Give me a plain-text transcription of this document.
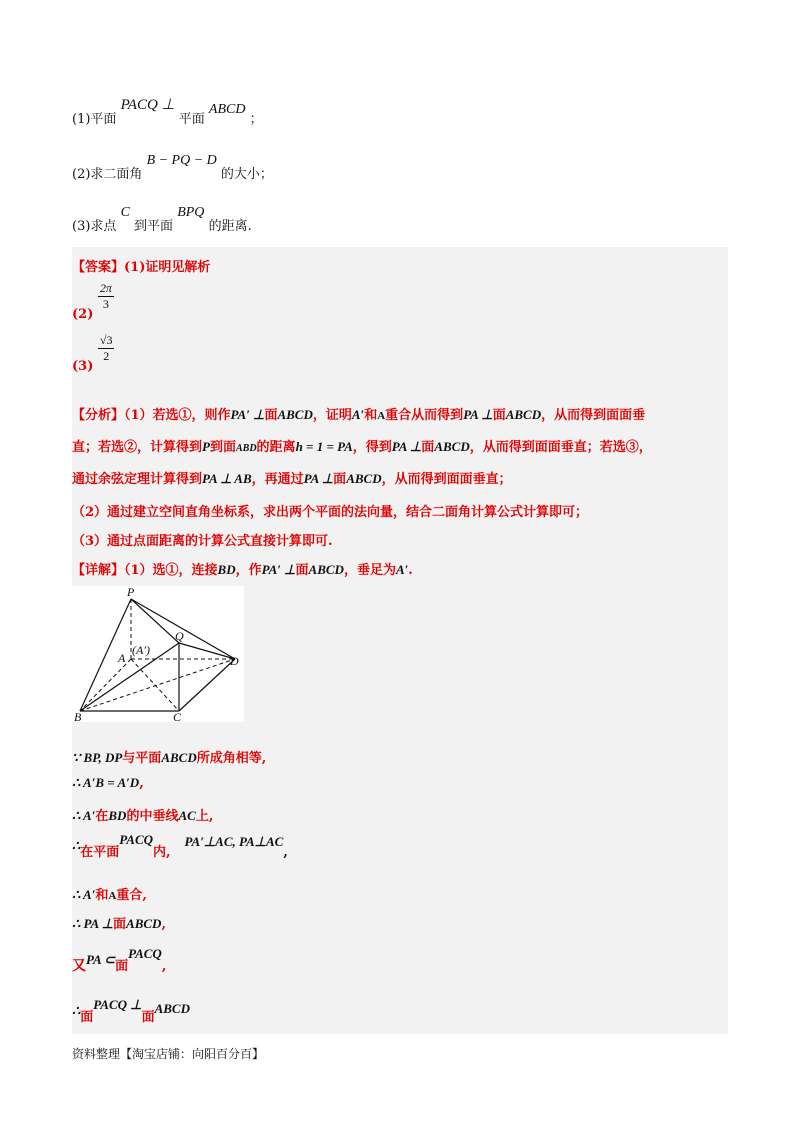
(1)平面 PACQ ⊥ 平面 ABCD ；
(2)求二面角 B − PQ − D 的大小；
(3)求点 C 到平面 BPQ 的距离.
【答案】(1)证明见解析
(2)
$\frac{2\pi}{3}$
(3)
$\frac{√3}{2}$
【分析】（1）若选①，则作PA′ ⊥面ABCD，证明A′和A重合从而得到PA ⊥面ABCD，从而得到面面垂
直；若选②，计算得到P到面ABD的距离h = 1 = PA，得到PA ⊥面ABCD，从而得到面面垂直；若选③，
通过余弦定理计算得到PA ⊥ AB，再通过PA ⊥面ABCD，从而得到面面垂直；
（2）通过建立空间直角坐标系，求出两个平面的法向量，结合二面角计算公式计算即可；
（3）通过点面距离的计算公式直接计算即可.
【详解】（1）选①，连接BD，作PA′ ⊥面ABCD，垂足为A′.
P
Q
A
(A′)
D
B	C
∵ BP, DP与平面ABCD所成角相等,
∴ A′B = A′D,
∴ A′在BD的中垂线AC上,
∴在平面PACQ内,PA′⊥AC, PA⊥AC,
∴ A′和A重合,
∴ PA ⊥面ABCD,
又PA ⊂面PACQ,
∴面PACQ ⊥面ABCD
资料整理【淘宝店铺：向阳百分百】
